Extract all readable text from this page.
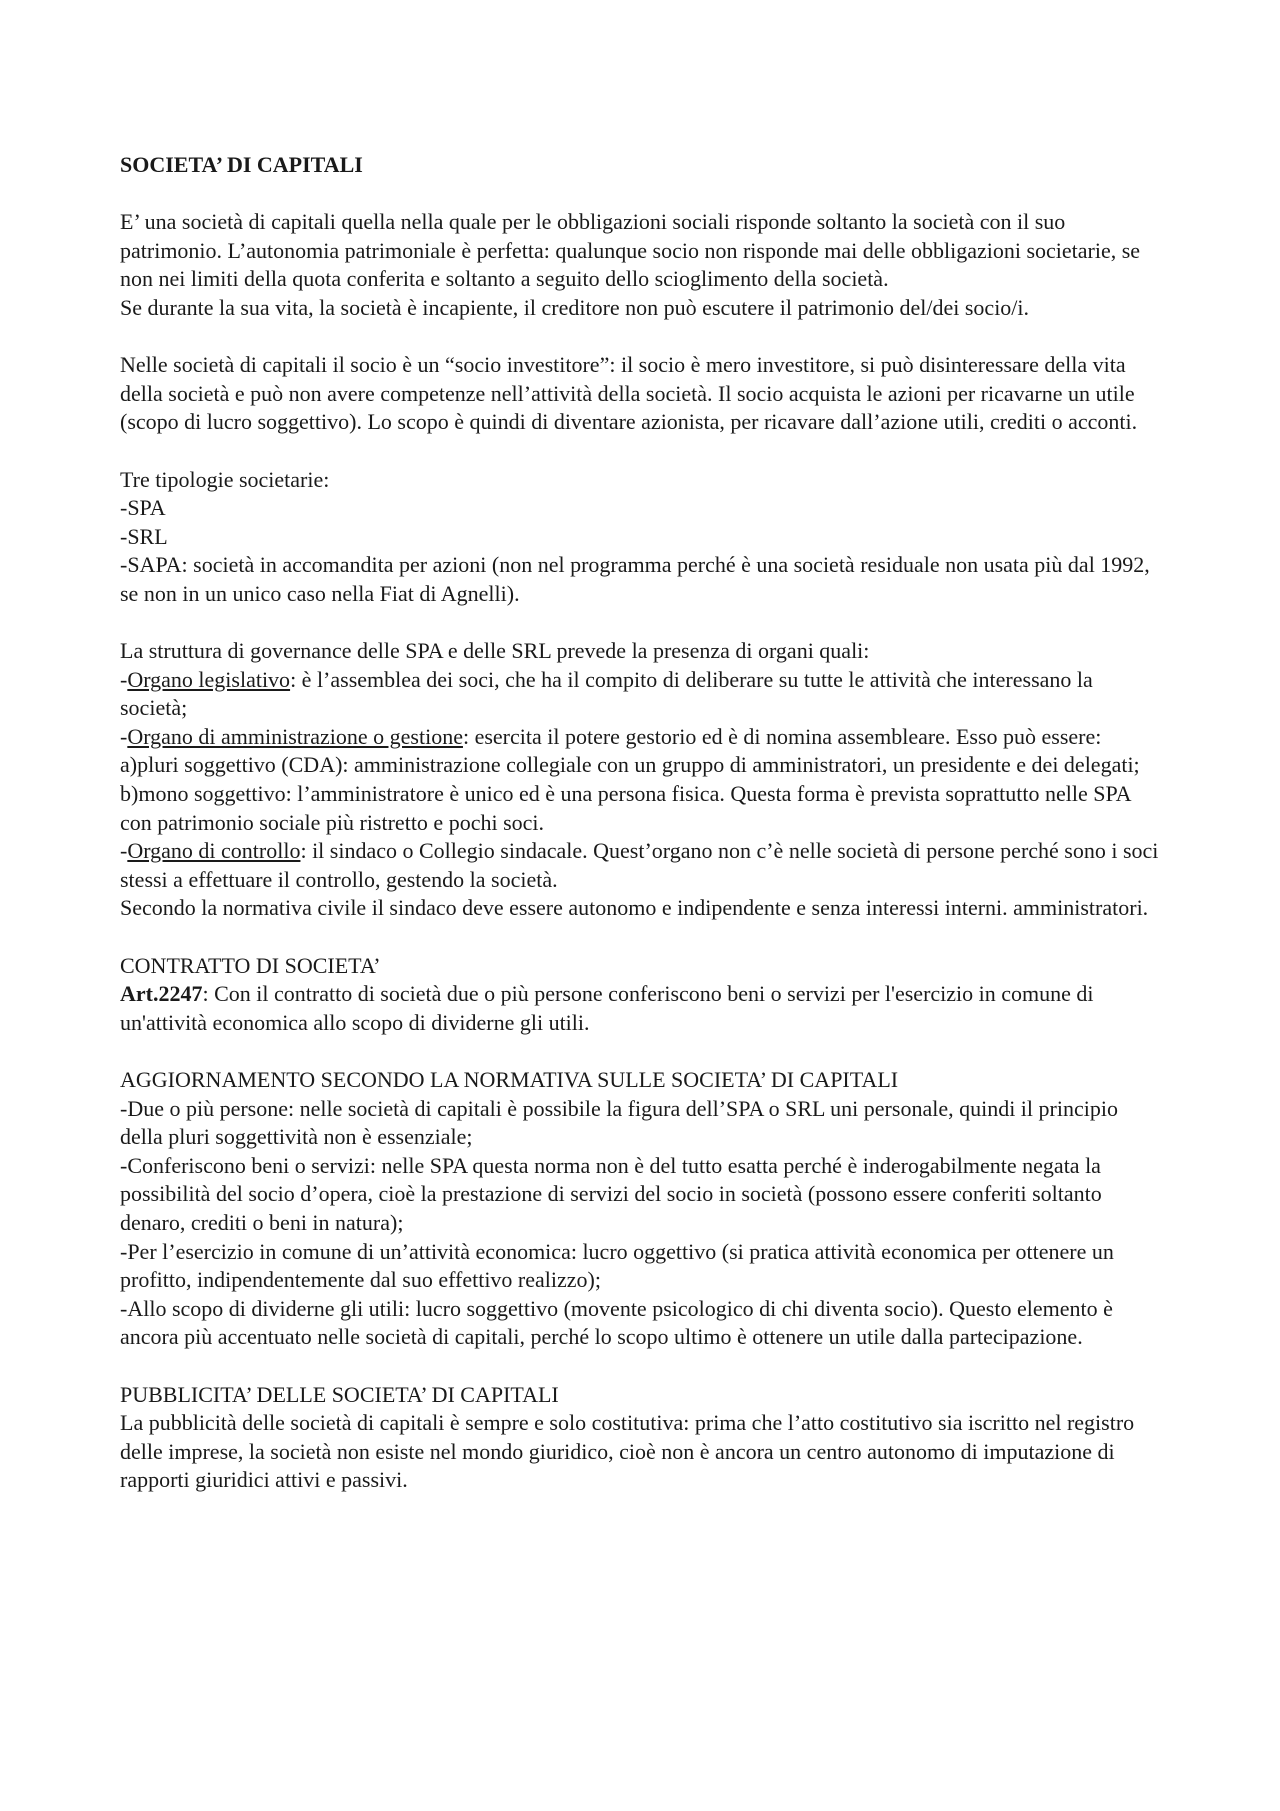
SOCIETA’ DI CAPITALI

E’ una società di capitali quella nella quale per le obbligazioni sociali risponde soltanto la società con il suo patrimonio. L’autonomia patrimoniale è perfetta: qualunque socio non risponde mai delle obbligazioni societarie, se non nei limiti della quota conferita e soltanto a seguito dello scioglimento della società.

Se durante la sua vita, la società è incapiente, il creditore non può escutere il patrimonio del/dei socio/i.

Nelle società di capitali il socio è un “socio investitore”: il socio è mero investitore, si può disinteressare della vita della società e può non avere competenze nell’attività della società. Il socio acquista le azioni per ricavarne un utile (scopo di lucro soggettivo). Lo scopo è quindi di diventare azionista, per ricavare dall’azione utili, crediti o acconti.

Tre tipologie societarie:

-SPA

-SRL

-SAPA: società in accomandita per azioni (non nel programma perché è una società residuale non usata più dal 1992, se non in un unico caso nella Fiat di Agnelli).

La struttura di governance delle SPA e delle SRL prevede la presenza di organi quali:

-Organo legislativo: è l’assemblea dei soci, che ha il compito di deliberare su tutte le attività che interessano la società;

-Organo di amministrazione o gestione: esercita il potere gestorio ed è di nomina assembleare. Esso può essere:

a)pluri soggettivo (CDA): amministrazione collegiale con un gruppo di amministratori, un presidente e dei delegati;

b)mono soggettivo: l’amministratore è unico ed è una persona fisica. Questa forma è prevista soprattutto nelle SPA con patrimonio sociale più ristretto e pochi soci.

-Organo di controllo: il sindaco o Collegio sindacale. Quest’organo non c’è nelle società di persone perché sono i soci stessi a effettuare il controllo, gestendo la società.

Secondo la normativa civile il sindaco deve essere autonomo e indipendente e senza interessi interni. amministratori.

CONTRATTO DI SOCIETA’

Art.2247: Con il contratto di società due o più persone conferiscono beni o servizi per l'esercizio in comune di un'attività economica allo scopo di dividerne gli utili.

AGGIORNAMENTO SECONDO LA NORMATIVA SULLE SOCIETA’ DI CAPITALI

-Due o più persone: nelle società di capitali è possibile la figura dell’SPA o SRL uni personale, quindi il principio della pluri soggettività non è essenziale;

-Conferiscono beni o servizi: nelle SPA questa norma non è del tutto esatta perché è inderogabilmente negata la possibilità del socio d’opera, cioè la prestazione di servizi del socio in società (possono essere conferiti soltanto denaro, crediti o beni in natura);

-Per l’esercizio in comune di un’attività economica: lucro oggettivo (si pratica attività economica per ottenere un profitto, indipendentemente dal suo effettivo realizzo);

-Allo scopo di dividerne gli utili: lucro soggettivo (movente psicologico di chi diventa socio). Questo elemento è ancora più accentuato nelle società di capitali, perché lo scopo ultimo è ottenere un utile dalla partecipazione.

PUBBLICITA’ DELLE SOCIETA’ DI CAPITALI

La pubblicità delle società di capitali è sempre e solo costitutiva: prima che l’atto costitutivo sia iscritto nel registro delle imprese, la società non esiste nel mondo giuridico, cioè non è ancora un centro autonomo di imputazione di rapporti giuridici attivi e passivi.
